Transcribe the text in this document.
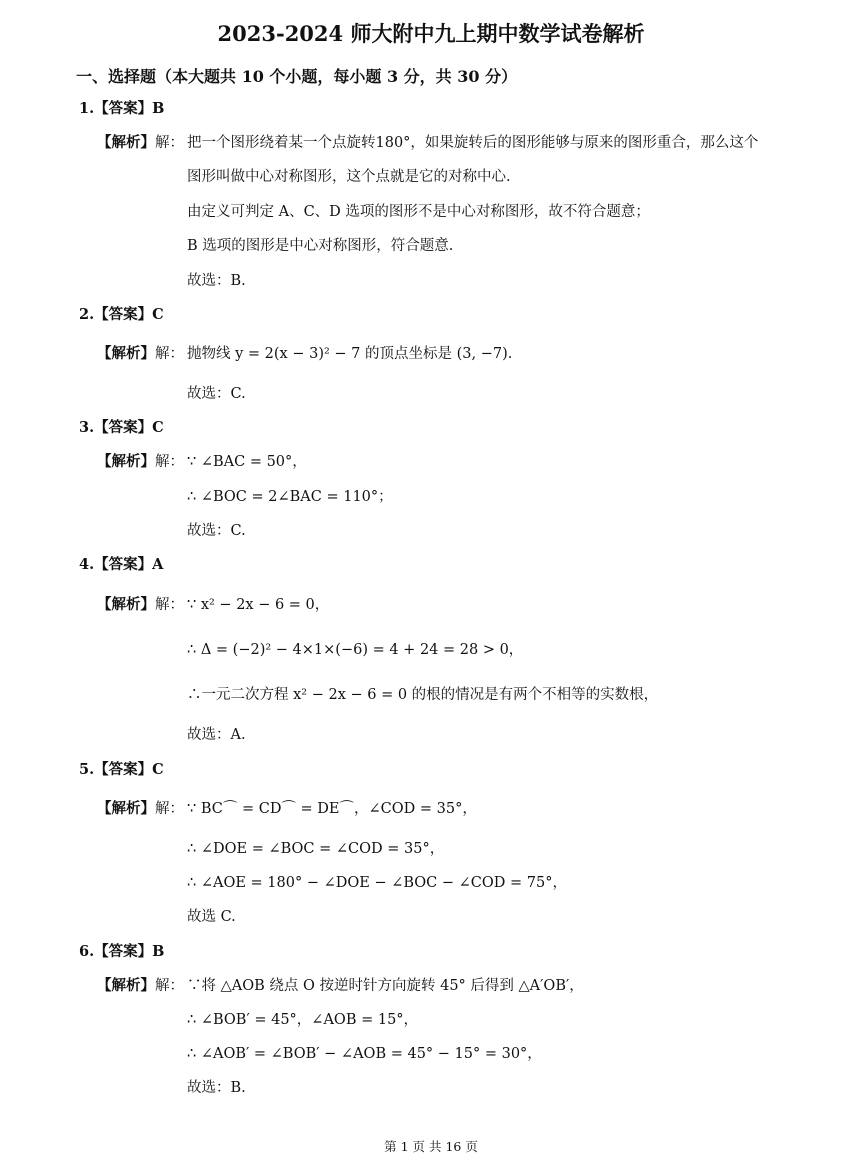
2023-2024 师大附中九上期中数学试卷解析
一、选择题（本大题共 10 个小题，每小题 3 分，共 30 分）
1.【答案】B
【解析】解： 把一个图形绕着某一个点旋转180°，如果旋转后的图形能够与原来的图形重合，那么这个
图形叫做中心对称图形，这个点就是它的对称中心.
由定义可判定 A、C、D 选项的图形不是中心对称图形，故不符合题意；
B 选项的图形是中心对称图形，符合题意.
故选：B.
2.【答案】C
【解析】解： 抛物线 y = 2(x − 3)² − 7 的顶点坐标是 (3, −7).
故选：C.
3.【答案】C
【解析】解： ∵ ∠BAC = 50°，
∴ ∠BOC = 2∠BAC = 110°；
故选：C.
4.【答案】A
【解析】解： ∵ x² − 2x − 6 = 0，
∴ Δ = (−2)² − 4×1×(−6) = 4 + 24 = 28 > 0，
∴一元二次方程 x² − 2x − 6 = 0 的根的情况是有两个不相等的实数根，
故选：A.
5.【答案】C
【解析】解： ∵ BC⌒ = CD⌒ = DE⌒，∠COD = 35°，
∴ ∠DOE = ∠BOC = ∠COD = 35°，
∴ ∠AOE = 180° − ∠DOE − ∠BOC − ∠COD = 75°，
故选 C.
6.【答案】B
【解析】解： ∵将 △AOB 绕点 O 按逆时针方向旋转 45° 后得到 △A′OB′，
∴ ∠BOB′ = 45°，∠AOB = 15°，
∴ ∠AOB′ = ∠BOB′ − ∠AOB = 45° − 15° = 30°，
故选：B.
第 1 页 共 16 页
